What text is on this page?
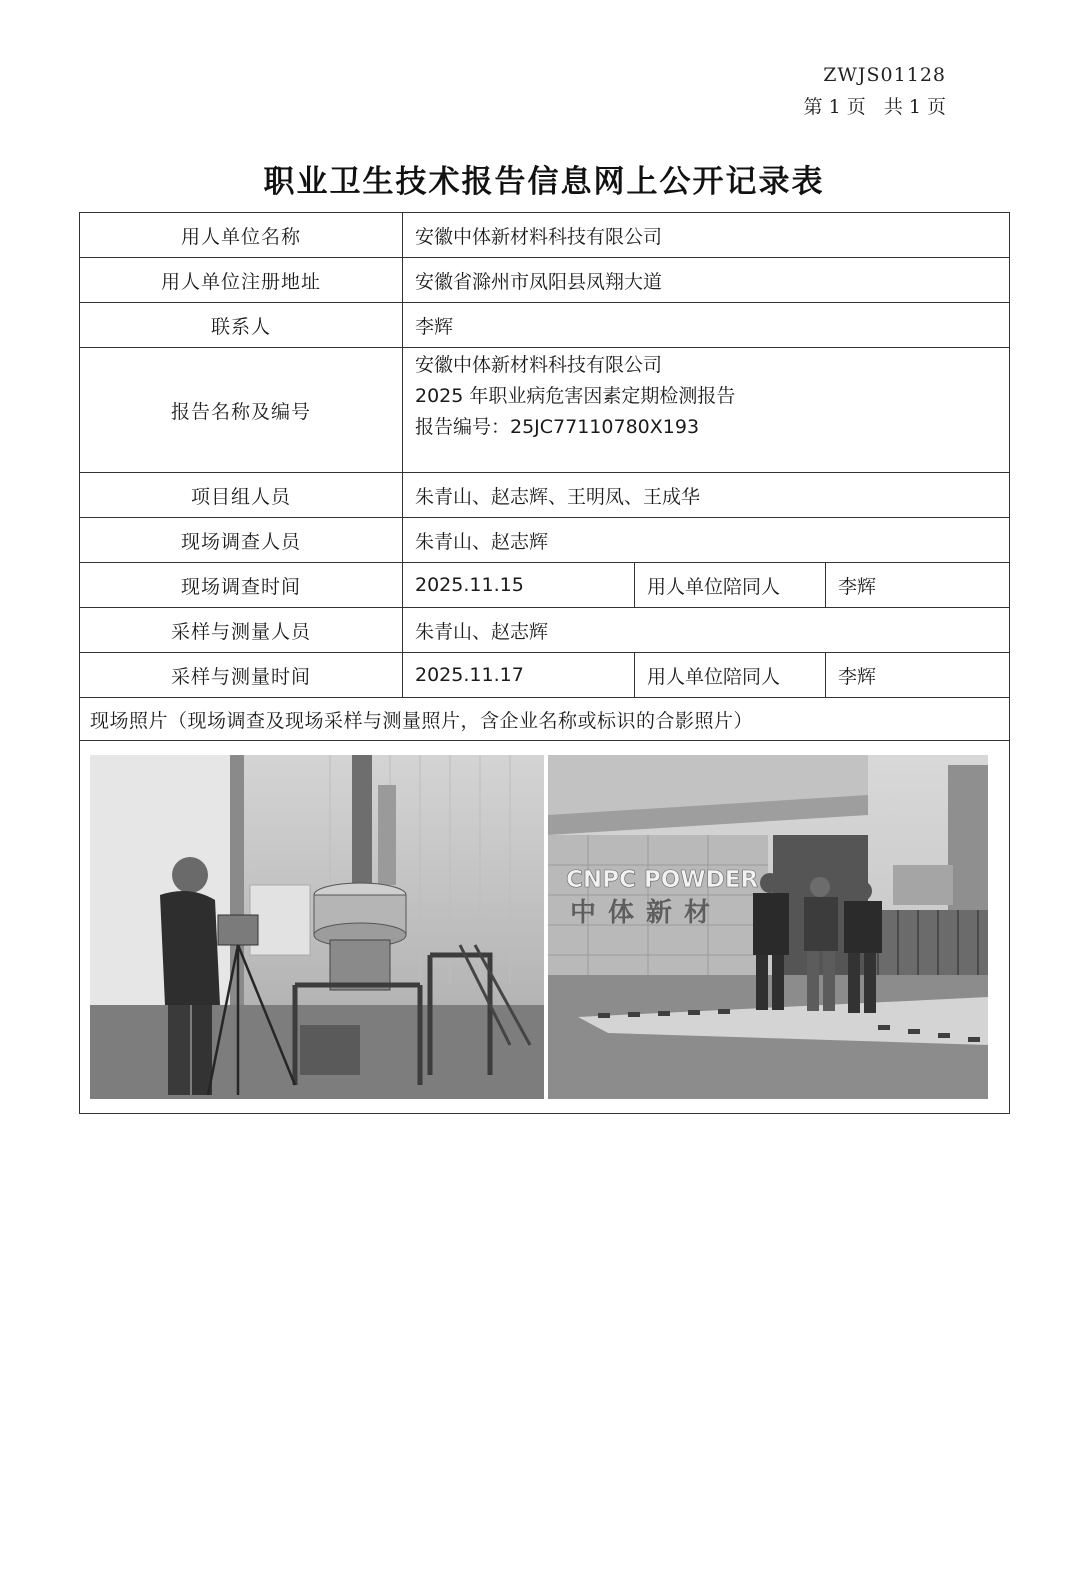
ZWJS01128
第 1 页   共 1 页
职业卫生技术报告信息网上公开记录表
用人单位名称	安徽中体新材料科技有限公司		
用人单位注册地址	安徽省滁州市凤阳县凤翔大道		
联系人	李辉		
报告名称及编号	安徽中体新材料科技有限公司
2025 年职业病危害因素定期检测报告
报告编号：25JC77110780X193		

项目组人员	朱青山、赵志辉、王明凤、王成华		
现场调查人员	朱青山、赵志辉		
现场调查时间	2025.11.15	用人单位陪同人	李辉
采样与测量人员	朱青山、赵志辉		
采样与测量时间	2025.11.17	用人单位陪同人	李辉
现场照片（现场调查及现场采样与测量照片，含企业名称或标识的合影照片）			

CNPC POWDER
中体新材			
